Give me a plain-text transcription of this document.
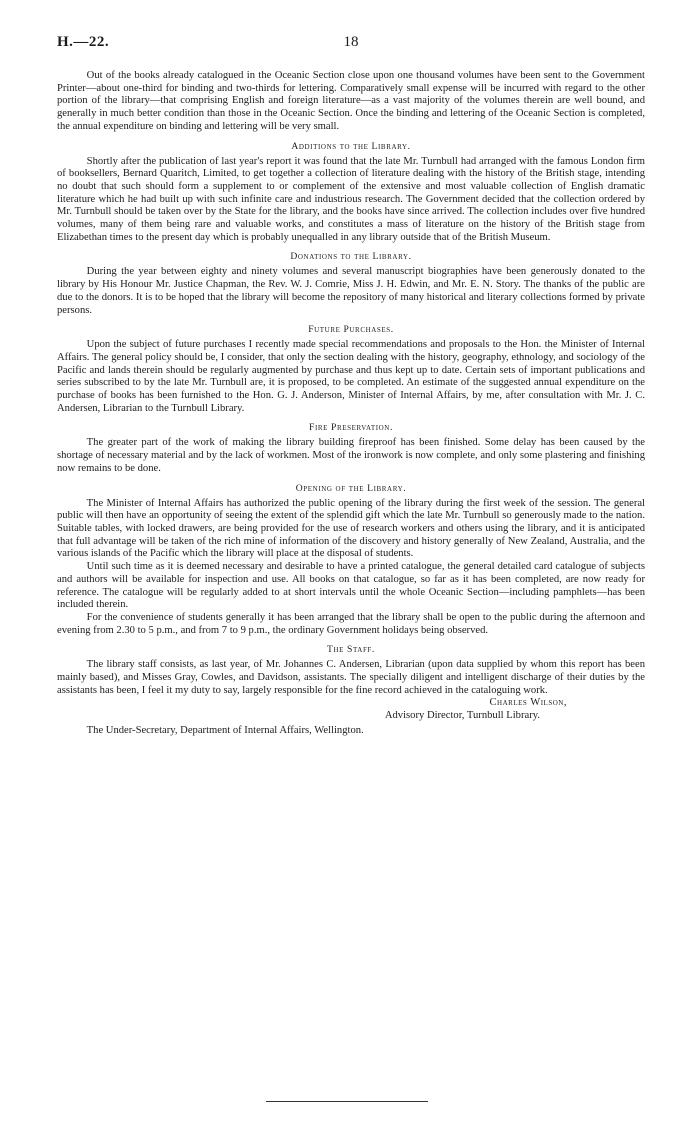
H.—22.	18

Out of the books already catalogued in the Oceanic Section close upon one thousand volumes have been sent to the Government Printer—about one-third for binding and two-thirds for lettering. Comparatively small expense will be incurred with regard to the other portion of the library—that comprising English and foreign literature—as a vast majority of the volumes therein are well bound, and generally in much better condition than those in the Oceanic Section. Once the binding and lettering of the Oceanic Section is completed, the annual expenditure on binding and lettering will be very small.

Additions to the Library.

Shortly after the publication of last year's report it was found that the late Mr. Turnbull had arranged with the famous London firm of booksellers, Bernard Quaritch, Limited, to get together a collection of literature dealing with the history of the British stage, intending no doubt that such should form a supplement to or complement of the extensive and most valuable collection of English dramatic literature which he had built up with such infinite care and industrious research. The Government decided that the collection ordered by Mr. Turnbull should be taken over by the State for the library, and the books have since arrived. The collection includes over five hundred volumes, many of them being rare and valuable works, and constitutes a mass of literature on the history of the British stage from Elizabethan times to the present day which is probably unequalled in any library outside that of the British Museum.

Donations to the Library.

During the year between eighty and ninety volumes and several manuscript biographies have been generously donated to the library by His Honour Mr. Justice Chapman, the Rev. W. J. Comrie, Miss J. H. Edwin, and Mr. E. N. Story. The thanks of the public are due to the donors. It is to be hoped that the library will become the repository of many historical and literary collections formed by private persons.

Future Purchases.

Upon the subject of future purchases I recently made special recommendations and proposals to the Hon. the Minister of Internal Affairs. The general policy should be, I consider, that only the section dealing with the history, geography, ethnology, and sociology of the Pacific and lands therein should be regularly augmented by purchase and thus kept up to date. Certain sets of important publications and series subscribed to by the late Mr. Turnbull are, it is proposed, to be completed. An estimate of the suggested annual expenditure on the purchase of books has been furnished to the Hon. G. J. Anderson, Minister of Internal Affairs, by me, after consultation with Mr. J. C. Andersen, Librarian to the Turnbull Library.

Fire Preservation.

The greater part of the work of making the library building fireproof has been finished. Some delay has been caused by the shortage of necessary material and by the lack of workmen. Most of the ironwork is now complete, and only some plastering and finishing now remains to be done.

Opening of the Library.

The Minister of Internal Affairs has authorized the public opening of the library during the first week of the session. The general public will then have an opportunity of seeing the extent of the splendid gift which the late Mr. Turnbull so generously made to the nation. Suitable tables, with locked drawers, are being provided for the use of research workers and others using the library, and it is anticipated that full advantage will be taken of the rich mine of information of the discovery and history generally of New Zealand, Australia, and the various islands of the Pacific which the library will place at the disposal of students.

Until such time as it is deemed necessary and desirable to have a printed catalogue, the general detailed card catalogue of subjects and authors will be available for inspection and use. All books on that catalogue, so far as it has been completed, are now ready for reference. The catalogue will be regularly added to at short intervals until the whole Oceanic Section—including pamphlets—has been included therein.

For the convenience of students generally it has been arranged that the library shall be open to the public during the afternoon and evening from 2.30 to 5 p.m., and from 7 to 9 p.m., the ordinary Government holidays being observed.

The Staff.

The library staff consists, as last year, of Mr. Johannes C. Andersen, Librarian (upon data supplied by whom this report has been mainly based), and Misses Gray, Cowles, and Davidson, assistants. The specially diligent and intelligent discharge of their duties by the assistants has been, I feel it my duty to say, largely responsible for the fine record achieved in the cataloguing work.

Charles Wilson,
Advisory Director, Turnbull Library.
The Under-Secretary, Department of Internal Affairs, Wellington.
